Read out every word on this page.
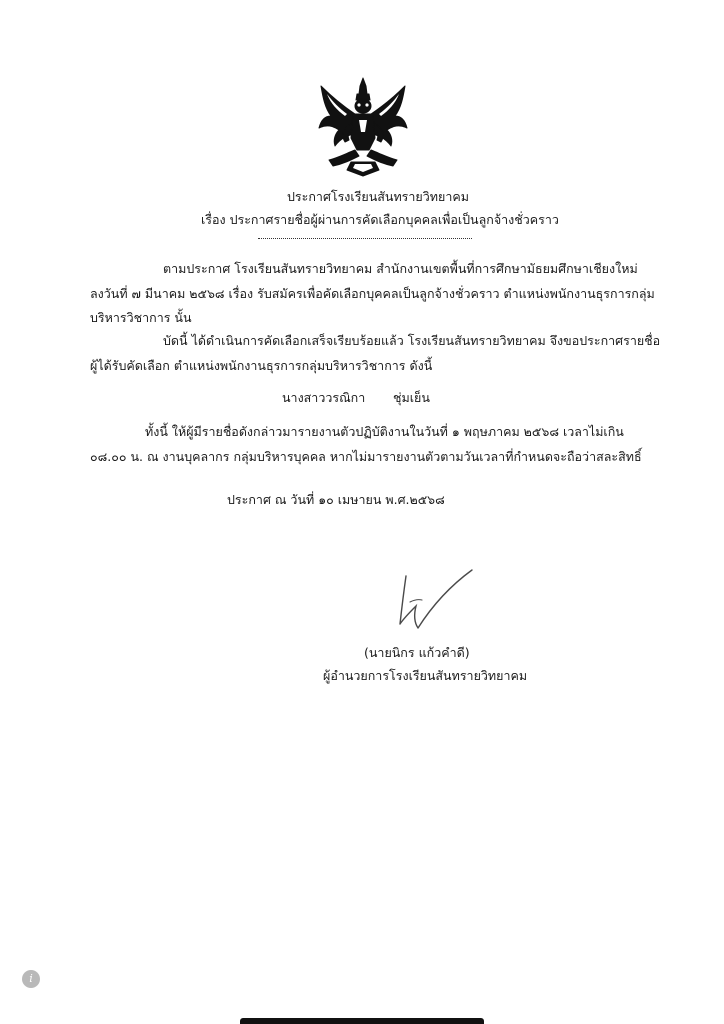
ประกาศโรงเรียนสันทรายวิทยาคม
เรื่อง ประกาศรายชื่อผู้ผ่านการคัดเลือกบุคคลเพื่อเป็นลูกจ้างชั่วคราว
ตามประกาศ โรงเรียนสันทรายวิทยาคม สำนักงานเขตพื้นที่การศึกษามัธยมศึกษาเชียงใหม่
ลงวันที่ ๗ มีนาคม ๒๕๖๘ เรื่อง รับสมัครเพื่อคัดเลือกบุคคลเป็นลูกจ้างชั่วคราว ตำแหน่งพนักงานธุรการกลุ่ม
บริหารวิชาการ นั้น
บัดนี้ ได้ดำเนินการคัดเลือกเสร็จเรียบร้อยแล้ว โรงเรียนสันทรายวิทยาคม จึงขอประกาศรายชื่อ
ผู้ได้รับคัดเลือก ตำแหน่งพนักงานธุรการกลุ่มบริหารวิชาการ ดังนี้
นางสาววรณิกา ชุ่มเย็น
ทั้งนี้ ให้ผู้มีรายชื่อดังกล่าวมารายงานตัวปฏิบัติงานในวันที่ ๑ พฤษภาคม ๒๕๖๘ เวลาไม่เกิน
๐๘.๐๐ น. ณ งานบุคลากร กลุ่มบริหารบุคคล หากไม่มารายงานตัวตามวันเวลาที่กำหนดจะถือว่าสละสิทธิ์
ประกาศ ณ วันที่ ๑๐ เมษายน พ.ศ.๒๕๖๘
(นายนิกร แก้วคำดี)
ผู้อำนวยการโรงเรียนสันทรายวิทยาคม
i
